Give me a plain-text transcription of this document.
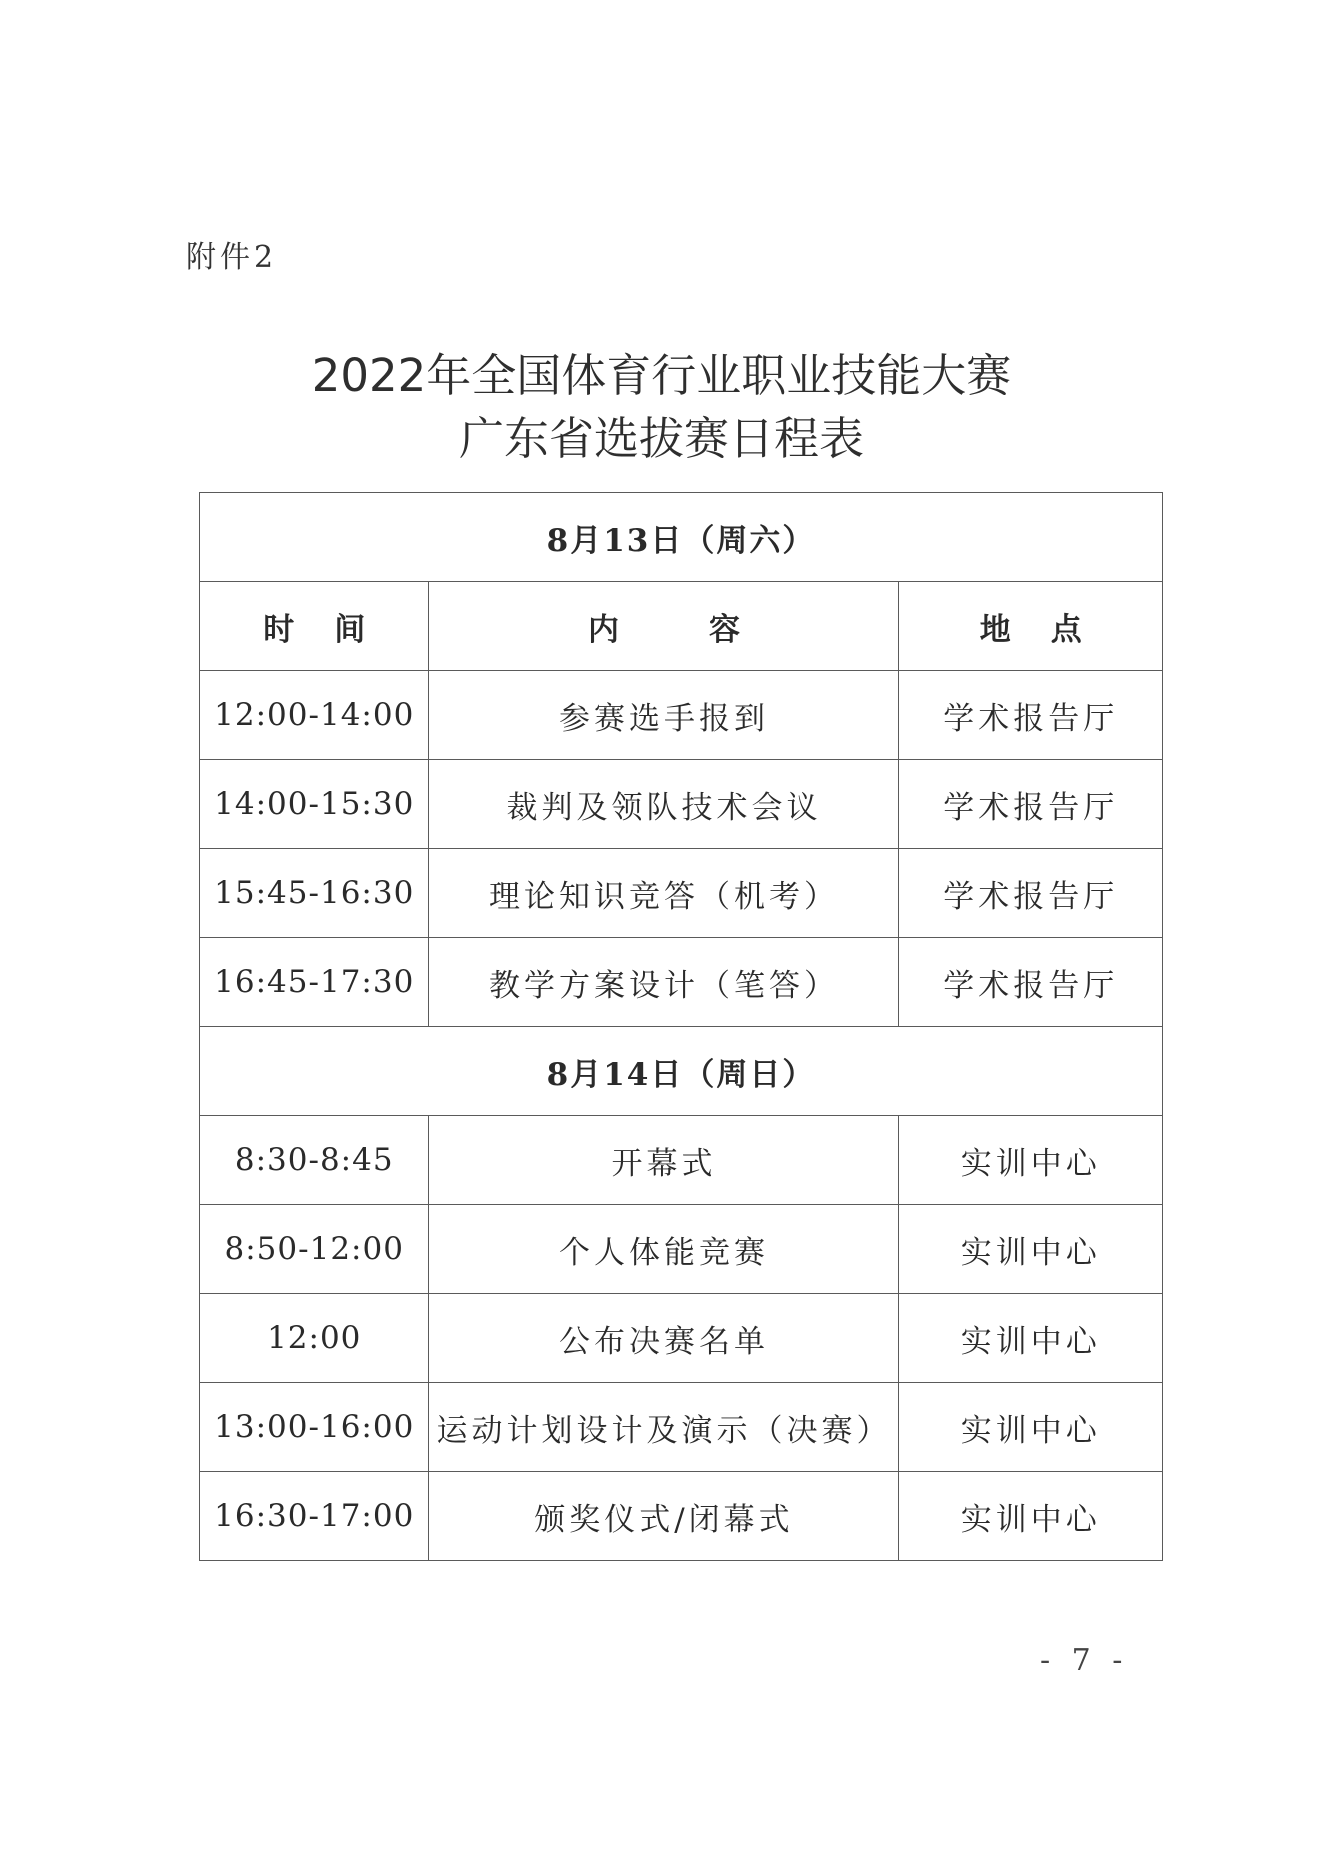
附件2
2022年全国体育行业职业技能大赛
广东省选拔赛日程表
8月13日（周六）		
时间	内容	地点
12:00-14:00	参赛选手报到	学术报告厅
14:00-15:30	裁判及领队技术会议	学术报告厅
15:45-16:30	理论知识竞答（机考）	学术报告厅
16:45-17:30	教学方案设计（笔答）	学术报告厅
8月14日（周日）		
8:30-8:45	开幕式	实训中心
8:50-12:00	个人体能竞赛	实训中心
12:00	公布决赛名单	实训中心
13:00-16:00	运动计划设计及演示（决赛）	实训中心
16:30-17:00	颁奖仪式/闭幕式	实训中心
- 7 -
